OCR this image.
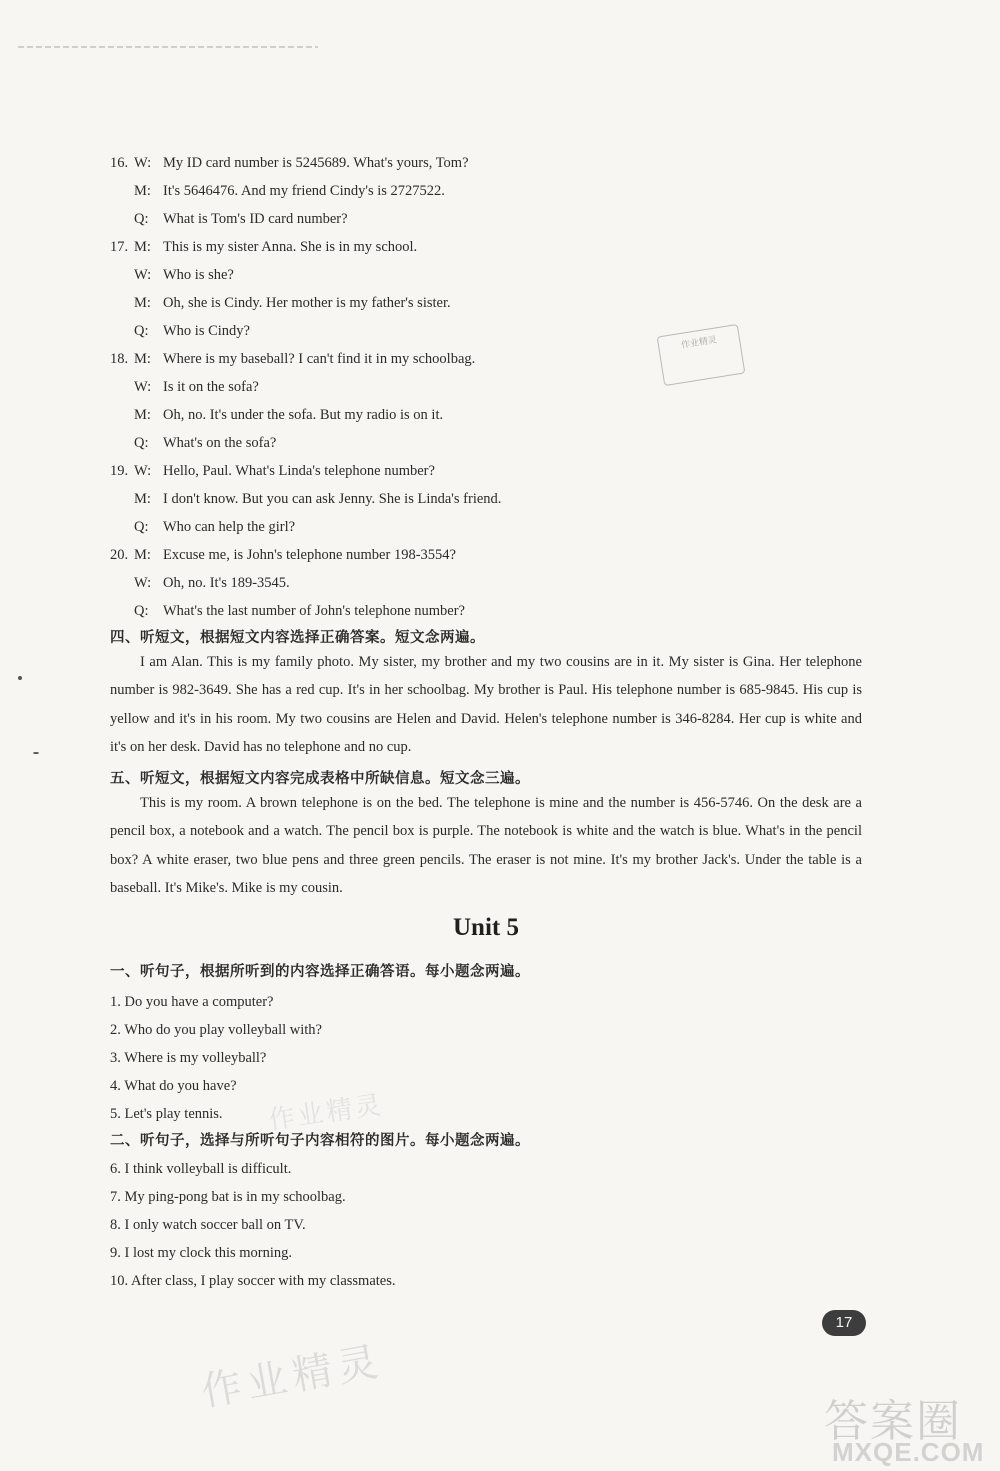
16. W: My ID card number is 5245689. What's yours, Tom?
M: It's 5646476. And my friend Cindy's is 2727522.
Q: What is Tom's ID card number?
17. M: This is my sister Anna. She is in my school.
W: Who is she?
M: Oh, she is Cindy. Her mother is my father's sister.
Q: Who is Cindy?
18. M: Where is my baseball? I can't find it in my schoolbag.
W: Is it on the sofa?
M: Oh, no. It's under the sofa. But my radio is on it.
Q: What's on the sofa?
19. W: Hello, Paul. What's Linda's telephone number?
M: I don't know. But you can ask Jenny. She is Linda's friend.
Q: Who can help the girl?
20. M: Excuse me, is John's telephone number 198-3554?
W: Oh, no. It's 189-3545.
Q: What's the last number of John's telephone number?
四、听短文，根据短文内容选择正确答案。短文念两遍。
I am Alan. This is my family photo. My sister, my brother and my two cousins are in it. My sister is Gina. Her telephone number is 982-3649. She has a red cup. It's in her schoolbag. My brother is Paul. His telephone number is 685-9845. His cup is yellow and it's in his room. My two cousins are Helen and David. Helen's telephone number is 346-8284. Her cup is white and it's on her desk. David has no telephone and no cup.
五、听短文，根据短文内容完成表格中所缺信息。短文念三遍。
This is my room. A brown telephone is on the bed. The telephone is mine and the number is 456-5746. On the desk are a pencil box, a notebook and a watch. The pencil box is purple. The notebook is white and the watch is blue. What's in the pencil box? A white eraser, two blue pens and three green pencils. The eraser is not mine. It's my brother Jack's. Under the table is a baseball. It's Mike's. Mike is my cousin.
Unit 5
一、听句子，根据所听到的内容选择正确答语。每小题念两遍。
1. Do you have a computer?
2. Who do you play volleyball with?
3. Where is my volleyball?
4. What do you have?
5. Let's play tennis.
二、听句子，选择与所听句子内容相符的图片。每小题念两遍。
6. I think volleyball is difficult.
7. My ping-pong bat is in my schoolbag.
8. I only watch soccer ball on TV.
9. I lost my clock this morning.
10. After class, I play soccer with my classmates.
17
作业精灵
作业精灵
作业精灵
答案圈
MXQE.COM
